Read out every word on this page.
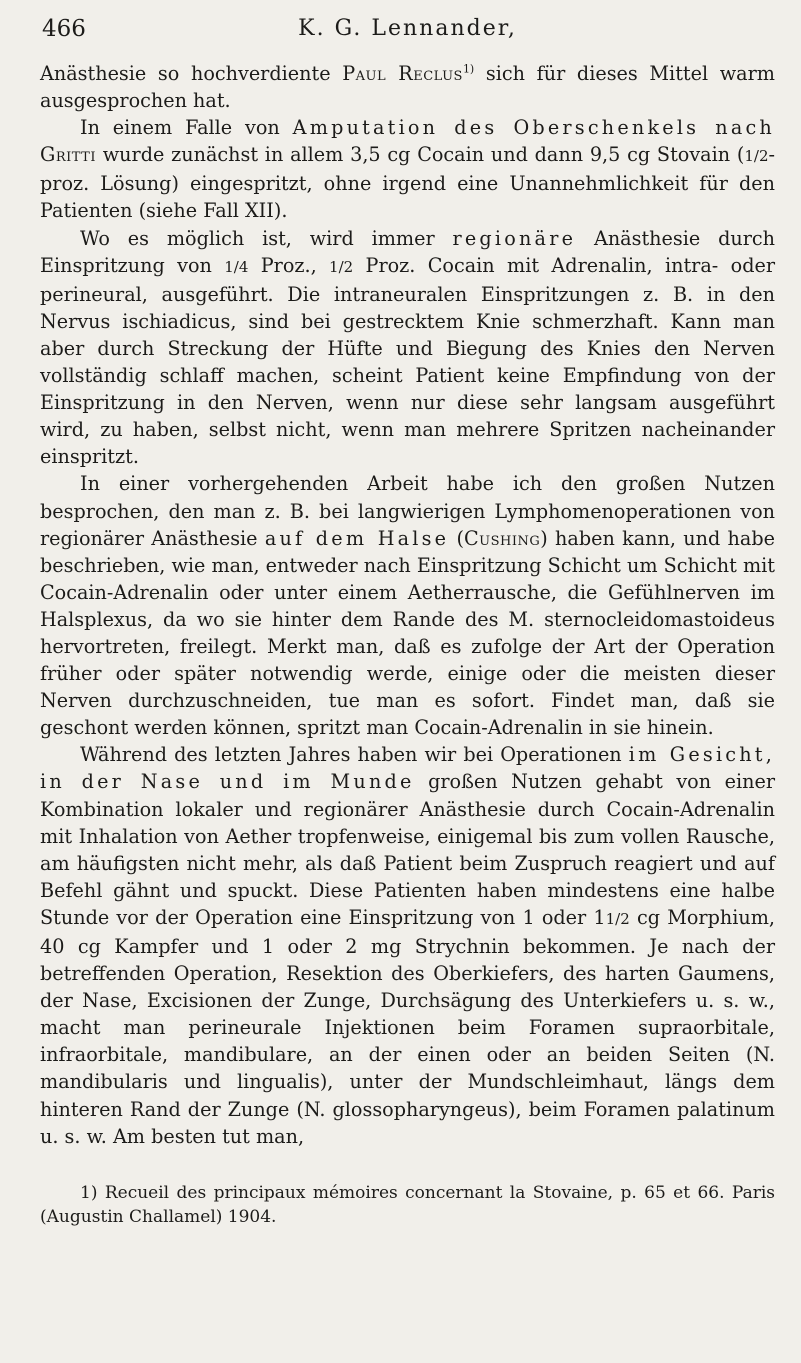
466	K. G. Lennander,

Anästhesie so hochverdiente Paul Reclus$^{1)}$ sich für dieses Mittel warm ausgesprochen hat.

In einem Falle von Amputation des Oberschenkels nach Gritti wurde zunächst in allem 3,5 cg Cocain und dann 9,5 cg Stovain (1/2-proz. Lösung) eingespritzt, ohne irgend eine Unannehmlichkeit für den Patienten (siehe Fall XII).

Wo es möglich ist, wird immer regionäre Anästhesie durch Einspritzung von 1/4 Proz., 1/2 Proz. Cocain mit Adrenalin, intra- oder perineural, ausgeführt. Die intraneuralen Einspritzungen z. B. in den Nervus ischiadicus, sind bei gestrecktem Knie schmerzhaft. Kann man aber durch Streckung der Hüfte und Biegung des Knies den Nerven vollständig schlaff machen, scheint Patient keine Empfindung von der Einspritzung in den Nerven, wenn nur diese sehr langsam ausgeführt wird, zu haben, selbst nicht, wenn man mehrere Spritzen nacheinander einspritzt.

In einer vorhergehenden Arbeit habe ich den großen Nutzen besprochen, den man z. B. bei langwierigen Lymphomenoperationen von regionärer Anästhesie auf dem Halse (Cushing) haben kann, und habe beschrieben, wie man, entweder nach Einspritzung Schicht um Schicht mit Cocain-Adrenalin oder unter einem Aetherrausche, die Gefühlnerven im Halsplexus, da wo sie hinter dem Rande des M. sternocleidomastoideus hervortreten, freilegt. Merkt man, daß es zufolge der Art der Operation früher oder später notwendig werde, einige oder die meisten dieser Nerven durchzuschneiden, tue man es sofort. Findet man, daß sie geschont werden können, spritzt man Cocain-Adrenalin in sie hinein.

Während des letzten Jahres haben wir bei Operationen im Gesicht, in der Nase und im Munde großen Nutzen gehabt von einer Kombination lokaler und regionärer Anästhesie durch Cocain-Adrenalin mit Inhalation von Aether tropfenweise, einigemal bis zum vollen Rausche, am häufigsten nicht mehr, als daß Patient beim Zuspruch reagiert und auf Befehl gähnt und spuckt. Diese Patienten haben mindestens eine halbe Stunde vor der Operation eine Einspritzung von 1 oder 11/2 cg Morphium, 40 cg Kampfer und 1 oder 2 mg Strychnin bekommen. Je nach der betreffenden Operation, Resektion des Oberkiefers, des harten Gaumens, der Nase, Excisionen der Zunge, Durchsägung des Unterkiefers u. s. w., macht man perineurale Injektionen beim Foramen supraorbitale, infraorbitale, mandibulare, an der einen oder an beiden Seiten (N. mandibularis und lingualis), unter der Mundschleimhaut, längs dem hinteren Rand der Zunge (N. glossopharyngeus), beim Foramen palatinum u. s. w. Am besten tut man,

1) Recueil des principaux mémoires concernant la Stovaine, p. 65 et 66. Paris (Augustin Challamel) 1904.
